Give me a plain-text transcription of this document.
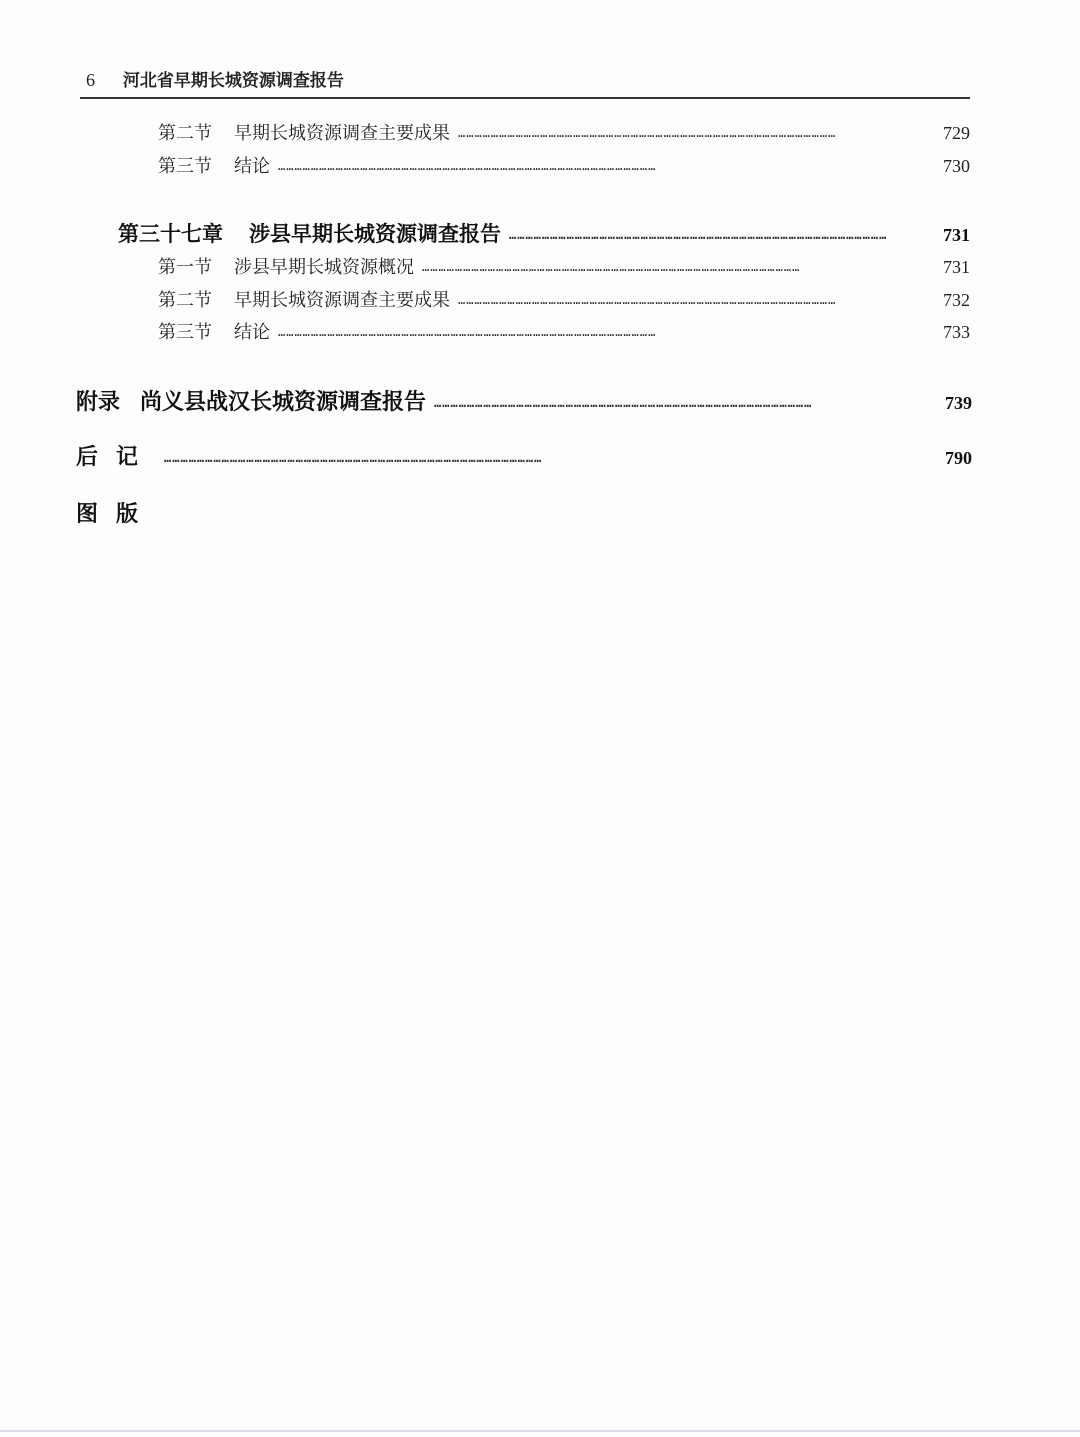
6 河北省早期长城资源调查报告
第二节 早期长城资源调查主要成果 …………………………………………………………………………………………………………………………	729
第三节 结论 …………………………………………………………………………………………………………………………	730
第三十七章 涉县早期长城资源调查报告 …………………………………………………………………………………………………………………………	731
第一节 涉县早期长城资源概况 …………………………………………………………………………………………………………………………	731
第二节 早期长城资源调查主要成果 …………………………………………………………………………………………………………………………	732
第三节 结论 …………………………………………………………………………………………………………………………	733
附录 尚义县战汉长城资源调查报告 …………………………………………………………………………………………………………………………	739
后记 …………………………………………………………………………………………………………………………	790
图版
